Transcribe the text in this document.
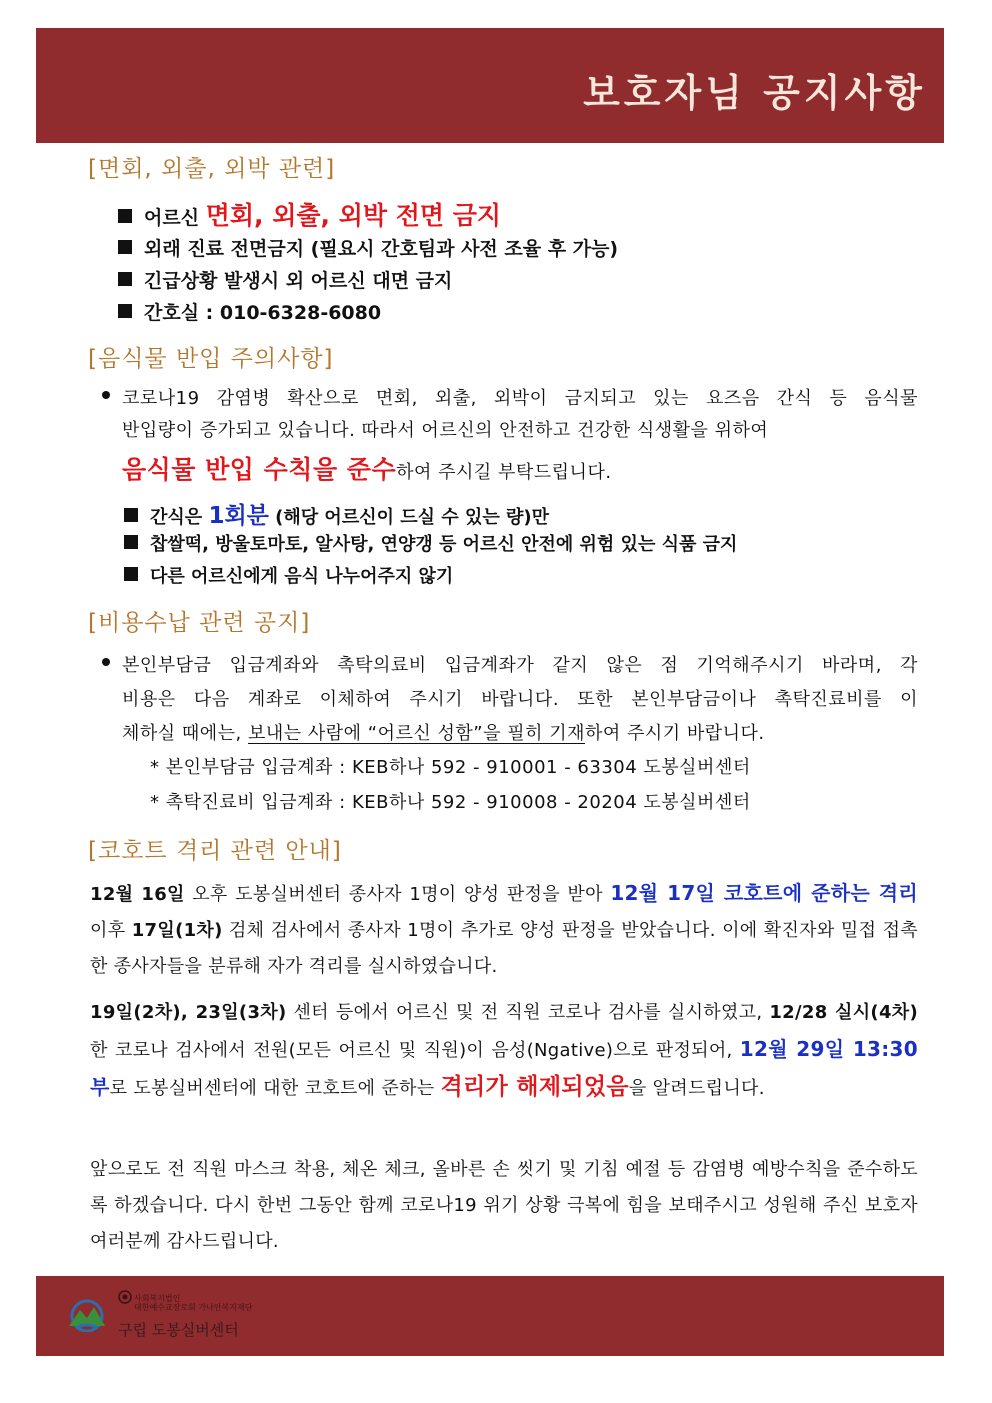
보호자님 공지사항
[면회, 외출, 외박 관련]
어르신 면회, 외출, 외박 전면 금지
외래 진료 전면금지 (필요시 간호팀과 사전 조율 후 가능)
긴급상황 발생시 외 어르신 대면 금지
간호실 : 010-6328-6080
[음식물 반입 주의사항]
코로나19 감염병 확산으로 면회, 외출, 외박이 금지되고 있는 요즈음 간식 등 음식물
반입량이 증가되고 있습니다. 따라서 어르신의 안전하고 건강한 식생활을 위하여
음식물 반입 수칙을 준수하여 주시길 부탁드립니다.
간식은 1회분 (해당 어르신이 드실 수 있는 량)만
찹쌀떡, 방울토마토, 알사탕, 연양갱 등 어르신 안전에 위험 있는 식품 금지
다른 어르신에게 음식 나누어주지 않기
[비용수납 관련 공지]
본인부담금 입금계좌와 촉탁의료비 입금계좌가 같지 않은 점 기억해주시기 바라며, 각
비용은 다음 계좌로 이체하여 주시기 바랍니다. 또한 본인부담금이나 촉탁진료비를 이
체하실 때에는, 보내는 사람에 “어르신 성함”을 필히 기재하여 주시기 바랍니다.
* 본인부담금 입금계좌 : KEB하나 592 - 910001 - 63304 도봉실버센터
* 촉탁진료비 입금계좌 : KEB하나 592 - 910008 - 20204 도봉실버센터
[코호트 격리 관련 안내]
12월 16일 오후 도봉실버센터 종사자 1명이 양성 판정을 받아 12월 17일 코호트에 준하는 격리 이후 17일(1차) 검체 검사에서 종사자 1명이 추가로 양성 판정을 받았습니다. 이에 확진자와 밀접 접촉한 종사자들을 분류해 자가 격리를 실시하였습니다.
19일(2차), 23일(3차) 센터 등에서 어르신 및 전 직원 코로나 검사를 실시하였고, 12/28 실시(4차) 한 코로나 검사에서 전원(모든 어르신 및 직원)이 음성(Ngative)으로 판정되어, 12월 29일 13:30부로 도봉실버센터에 대한 코호트에 준하는 격리가 해제되었음을 알려드립니다.
앞으로도 전 직원 마스크 착용, 체온 체크, 올바른 손 씻기 및 기침 예절 등 감염병 예방수칙을 준수하도록 하겠습니다. 다시 한번 그동안 함께 코로나19 위기 상황 극복에 힘을 보태주시고 성원해 주신 보호자 여러분께 감사드립니다.
사회복지법인
대한예수교장로회 가나안복지재단
구립 도봉실버센터
